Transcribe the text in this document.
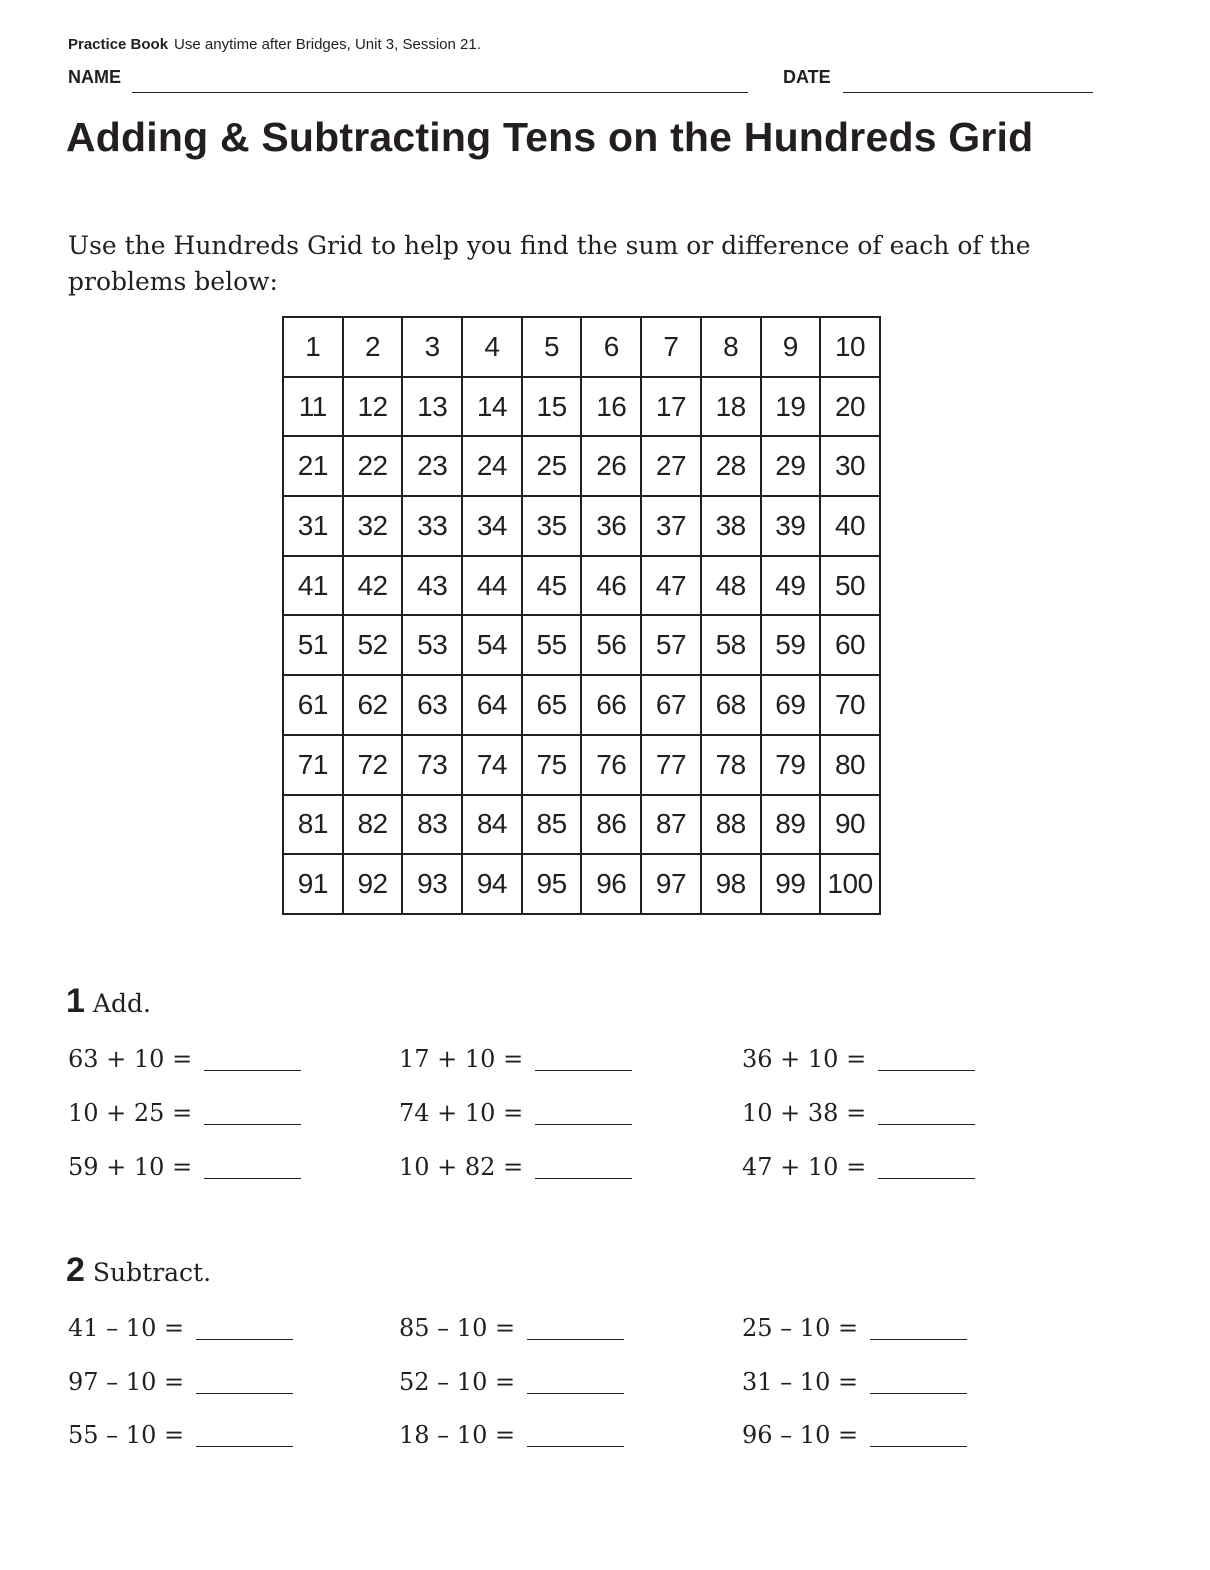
Practice Book Use anytime after Bridges, Unit 3, Session 21.
NAME	DATE
Adding & Subtracting Tens on the Hundreds Grid
Use the Hundreds Grid to help you find the sum or difference of each of the problems below:
1	2	3	4	5	6	7	8	9	10
11	12	13	14	15	16	17	18	19	20
21	22	23	24	25	26	27	28	29	30
31	32	33	34	35	36	37	38	39	40
41	42	43	44	45	46	47	48	49	50
51	52	53	54	55	56	57	58	59	60
61	62	63	64	65	66	67	68	69	70
71	72	73	74	75	76	77	78	79	80
81	82	83	84	85	86	87	88	89	90
91	92	93	94	95	96	97	98	99 100
1 Add.
63 + 10 =	17 + 10 =	36 + 10 =
10 + 25 =	74 + 10 =	10 + 38 =
59 + 10 =	10 + 82 =	47 + 10 =
2 Subtract.
41 – 10 =	85 – 10 =	25 – 10 =
97 – 10 =	52 – 10 =	31 – 10 =
55 – 10 =	18 – 10 =	96 – 10 =
